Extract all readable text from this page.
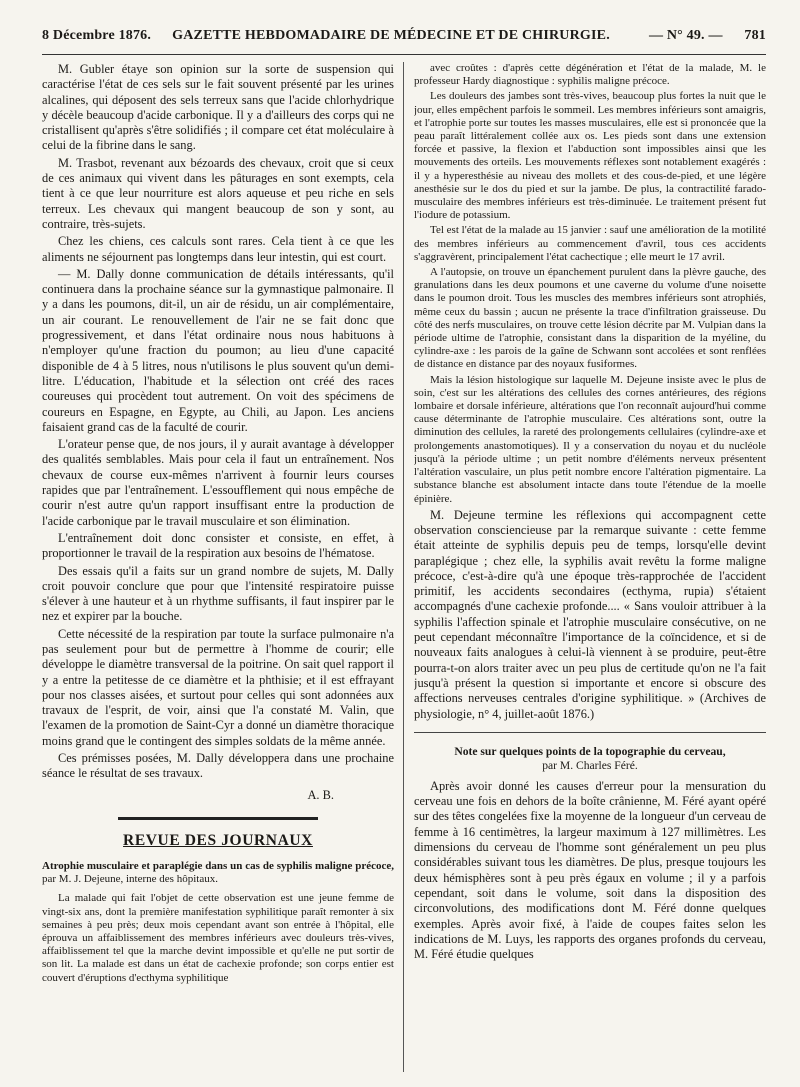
8 Décembre 1876. GAZETTE HEBDOMADAIRE DE MÉDECINE ET DE CHIRURGIE.	— N° 49. — 781

M. Gubler étaye son opinion sur la sorte de suspension qui caractérise l'état de ces sels sur le fait souvent présenté par les urines alcalines, qui déposent des sels terreux sans que l'acide chlorhydrique y décèle beaucoup d'acide carbonique. Il y a d'ailleurs des corps qui ne cristallisent qu'après s'être solidifiés ; il compare cet état moléculaire à celui de la fibrine dans le sang.

M. Trasbot, revenant aux bézoards des chevaux, croit que si ceux de ces animaux qui vivent dans les pâturages en sont exempts, cela tient à ce que leur nourriture est alors aqueuse et peu riche en sels terreux. Les chevaux qui mangent beaucoup de son y sont, au contraire, très-sujets.

Chez les chiens, ces calculs sont rares. Cela tient à ce que les aliments ne séjournent pas longtemps dans leur intestin, qui est court.

— M. Dally donne communication de détails intéressants, qu'il continuera dans la prochaine séance sur la gymnastique palmonaire. Il y a dans les poumons, dit-il, un air de résidu, un air complémentaire, un air courant. Le renouvellement de l'air ne se fait donc que progressivement, et dans l'état ordinaire nous nous habituons à n'employer qu'une fraction du poumon; au lieu d'une capacité disponible de 4 à 5 litres, nous n'utilisons le plus souvent qu'un demi-litre. L'éducation, l'habitude et la sélection ont créé des races coureuses qui procèdent tout autrement. On voit des spécimens de coureurs en Espagne, en Egypte, au Chili, au Japon. Les anciens faisaient grand cas de la faculté de courir.

L'orateur pense que, de nos jours, il y aurait avantage à développer des qualités semblables. Mais pour cela il faut un entraînement. Nos chevaux de course eux-mêmes n'arrivent à fournir leurs courses rapides que par l'entraînement. L'essoufflement qui nous empêche de courir n'est autre qu'un rapport insuffisant entre la production de l'acide carbonique par le travail musculaire et son élimination.

L'entraînement doit donc consister et consiste, en effet, à proportionner le travail de la respiration aux besoins de l'hématose.

Des essais qu'il a faits sur un grand nombre de sujets, M. Dally croit pouvoir conclure que pour que l'intensité respiratoire puisse s'élever à une hauteur et à un rhythme suffisants, il faut inspirer par le nez et expirer par la bouche.

Cette nécessité de la respiration par toute la surface pulmonaire n'a pas seulement pour but de permettre à l'homme de courir; elle développe le diamètre transversal de la poitrine. On sait quel rapport il y a entre la petitesse de ce diamètre et la phthisie; et il est effrayant pour nos classes aisées, et surtout pour celles qui sont adonnées aux travaux de l'esprit, de voir, ainsi que l'a constaté M. Valin, que l'examen de la promotion de Saint-Cyr a donné un diamètre thoracique moins grand que le contingent des simples soldats de la même année.

Ces prémisses posées, M. Dally développera dans une prochaine séance le résultat de ses travaux.

A. B.
REVUE DES JOURNAUX

Atrophie musculaire et paraplégie dans un cas de syphilis maligne précoce, par M. J. Dejeune, interne des hôpitaux.

La malade qui fait l'objet de cette observation est une jeune femme de vingt-six ans, dont la première manifestation syphilitique paraît remonter à six semaines à peu près; deux mois cependant avant son entrée à l'hôpital, elle éprouva un affaiblissement des membres inférieurs avec douleurs très-vives, affaiblissement tel que la marche devint impossible et qu'elle ne put sortir de son lit. La malade est dans un état de cachexie profonde; son corps entier est couvert d'éruptions d'ecthyma syphilitique

avec croûtes : d'après cette dégénération et l'état de la malade, M. le professeur Hardy diagnostique : syphilis maligne précoce.

Les douleurs des jambes sont très-vives, beaucoup plus fortes la nuit que le jour, elles empêchent parfois le sommeil. Les membres inférieurs sont amaigris, et l'atrophie porte sur toutes les masses musculaires, elle est si prononcée que la peau paraît littéralement collée aux os. Les pieds sont dans une extension forcée et passive, la flexion et l'abduction sont impossibles ainsi que les mouvements des orteils. Les mouvements réflexes sont notablement exagérés : il y a hyperesthésie au niveau des mollets et des cous-de-pied, et une légère anesthésie sur le dos du pied et sur la jambe. De plus, la contractilité farado-musculaire des membres inférieurs est très-diminuée. Le traitement présent fut l'iodure de potassium.

Tel est l'état de la malade au 15 janvier : sauf une amélioration de la motilité des membres inférieurs au commencement d'avril, tous ces accidents s'aggravèrent, principalement l'état cachectique ; elle meurt le 17 avril.

A l'autopsie, on trouve un épanchement purulent dans la plèvre gauche, des granulations dans les deux poumons et une caverne du volume d'une noisette dans le poumon droit. Tous les muscles des membres inférieurs sont atrophiés, même ceux du bassin ; aucun ne présente la trace d'infiltration graisseuse. Du côté des nerfs musculaires, on trouve cette lésion décrite par M. Vulpian dans la période ultime de l'atrophie, consistant dans la disparition de la myéline, du cylindre-axe : les parois de la gaîne de Schwann sont accolées et sont renflées de distance en distance par des noyaux fusiformes.

Mais la lésion histologique sur laquelle M. Dejeune insiste avec le plus de soin, c'est sur les altérations des cellules des cornes antérieures, des régions lombaire et dorsale inférieure, altérations que l'on reconnaît aujourd'hui comme cause déterminante de l'atrophie musculaire. Ces altérations sont, outre la diminution des cellules, la rareté des prolongements cellulaires (cylindre-axe et prolongements anastomotiques). Il y a conservation du noyau et du nucléole jusqu'à la période ultime ; un petit nombre d'éléments nerveux présentent l'altération vasculaire, un plus petit nombre encore l'altération pigmentaire. La substance blanche est absolument intacte dans toute l'étendue de la moelle épinière.

M. Dejeune termine les réflexions qui accompagnent cette observation consciencieuse par la remarque suivante : cette femme était atteinte de syphilis depuis peu de temps, lorsqu'elle devint paraplégique ; chez elle, la syphilis avait revêtu la forme maligne précoce, c'est-à-dire qu'à une époque très-rapprochée de l'accident primitif, les accidents secondaires (ecthyma, rupia) s'étaient accompagnés d'une cachexie profonde.... « Sans vouloir attribuer à la syphilis l'affection spinale et l'atrophie musculaire consécutive, on ne peut cependant méconnaître l'importance de la coïncidence, et si de nouveaux faits analogues à celui-là viennent à se produire, peut-être pourra-t-on alors traiter avec un peu plus de certitude qu'on ne l'a fait jusqu'à présent la question si importante et encore si obscure des affections nerveuses centrales d'origine syphilitique. » (Archives de physiologie, n° 4, juillet-août 1876.)

Note sur quelques points de la topographie du cerveau,
par M. Charles Féré.

Après avoir donné les causes d'erreur pour la mensuration du cerveau une fois en dehors de la boîte crânienne, M. Féré ayant opéré sur des têtes congelées fixe la moyenne de la longueur d'un cerveau de femme à 16 centimètres, la largeur maximum à 127 millimètres. Les dimensions du cerveau de l'homme sont généralement un peu plus considérables suivant tous les diamètres. De plus, presque toujours les deux hémisphères sont à peu près égaux en volume ; il y a parfois cependant, soit dans le volume, soit dans la disposition des circonvolutions, des modifications dont M. Féré donne quelques exemples. Après avoir fixé, à l'aide de coupes faites selon les indications de M. Luys, les rapports des organes profonds du cerveau, M. Féré étudie quelques
